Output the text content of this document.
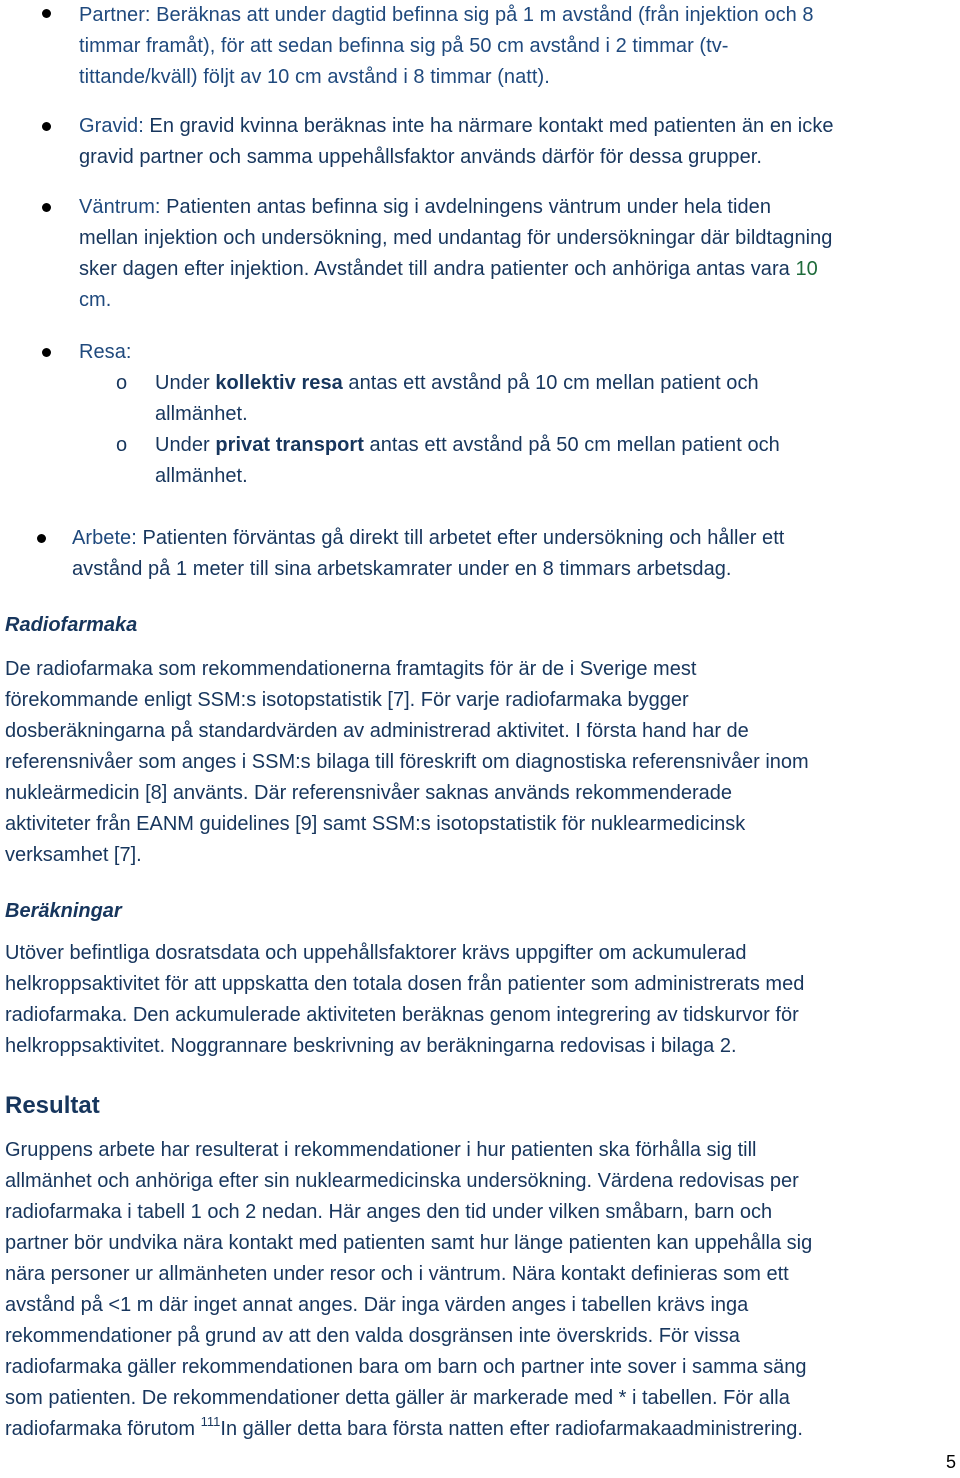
Partner: Beräknas att under dagtid befinna sig på 1 m avstånd (från injektion och 8
timmar framåt), för att sedan befinna sig på 50 cm avstånd i 2 timmar (tv-
tittande/kväll) följt av 10 cm avstånd i 8 timmar (natt).
Gravid: En gravid kvinna beräknas inte ha närmare kontakt med patienten än en icke
gravid partner och samma uppehållsfaktor används därför för dessa grupper.
Väntrum: Patienten antas befinna sig i avdelningens väntrum under hela tiden
mellan injektion och undersökning, med undantag för undersökningar där bildtagning
sker dagen efter injektion. Avståndet till andra patienter och anhöriga antas vara 10
cm.
Resa:
o Under kollektiv resa antas ett avstånd på 10 cm mellan patient och
allmänhet.
o Under privat transport antas ett avstånd på 50 cm mellan patient och
allmänhet.
Arbete: Patienten förväntas gå direkt till arbetet efter undersökning och håller ett
avstånd på 1 meter till sina arbetskamrater under en 8 timmars arbetsdag.
Radiofarmaka
De radiofarmaka som rekommendationerna framtagits för är de i Sverige mest
förekommande enligt SSM:s isotopstatistik [7]. För varje radiofarmaka bygger
dosberäkningarna på standardvärden av administrerad aktivitet. I första hand har de
referensnivåer som anges i SSM:s bilaga till föreskrift om diagnostiska referensnivåer inom
nukleärmedicin [8] använts. Där referensnivåer saknas används rekommenderade
aktiviteter från EANM guidelines [9] samt SSM:s isotopstatistik för nuklearmedicinsk
verksamhet [7].
Beräkningar
Utöver befintliga dosratsdata och uppehållsfaktorer krävs uppgifter om ackumulerad
helkroppsaktivitet för att uppskatta den totala dosen från patienter som administrerats med
radiofarmaka. Den ackumulerade aktiviteten beräknas genom integrering av tidskurvor för
helkroppsaktivitet. Noggrannare beskrivning av beräkningarna redovisas i bilaga 2.
Resultat
Gruppens arbete har resulterat i rekommendationer i hur patienten ska förhålla sig till
allmänhet och anhöriga efter sin nuklearmedicinska undersökning. Värdena redovisas per
radiofarmaka i tabell 1 och 2 nedan. Här anges den tid under vilken småbarn, barn och
partner bör undvika nära kontakt med patienten samt hur länge patienten kan uppehålla sig
nära personer ur allmänheten under resor och i väntrum. Nära kontakt definieras som ett
avstånd på <1 m där inget annat anges. Där inga värden anges i tabellen krävs inga
rekommendationer på grund av att den valda dosgränsen inte överskrids. För vissa
radiofarmaka gäller rekommendationen bara om barn och partner inte sover i samma säng
som patienten. De rekommendationer detta gäller är markerade med * i tabellen. För alla
radiofarmaka förutom $^{111}$In gäller detta bara första natten efter radiofarmakaadministrering.
5
